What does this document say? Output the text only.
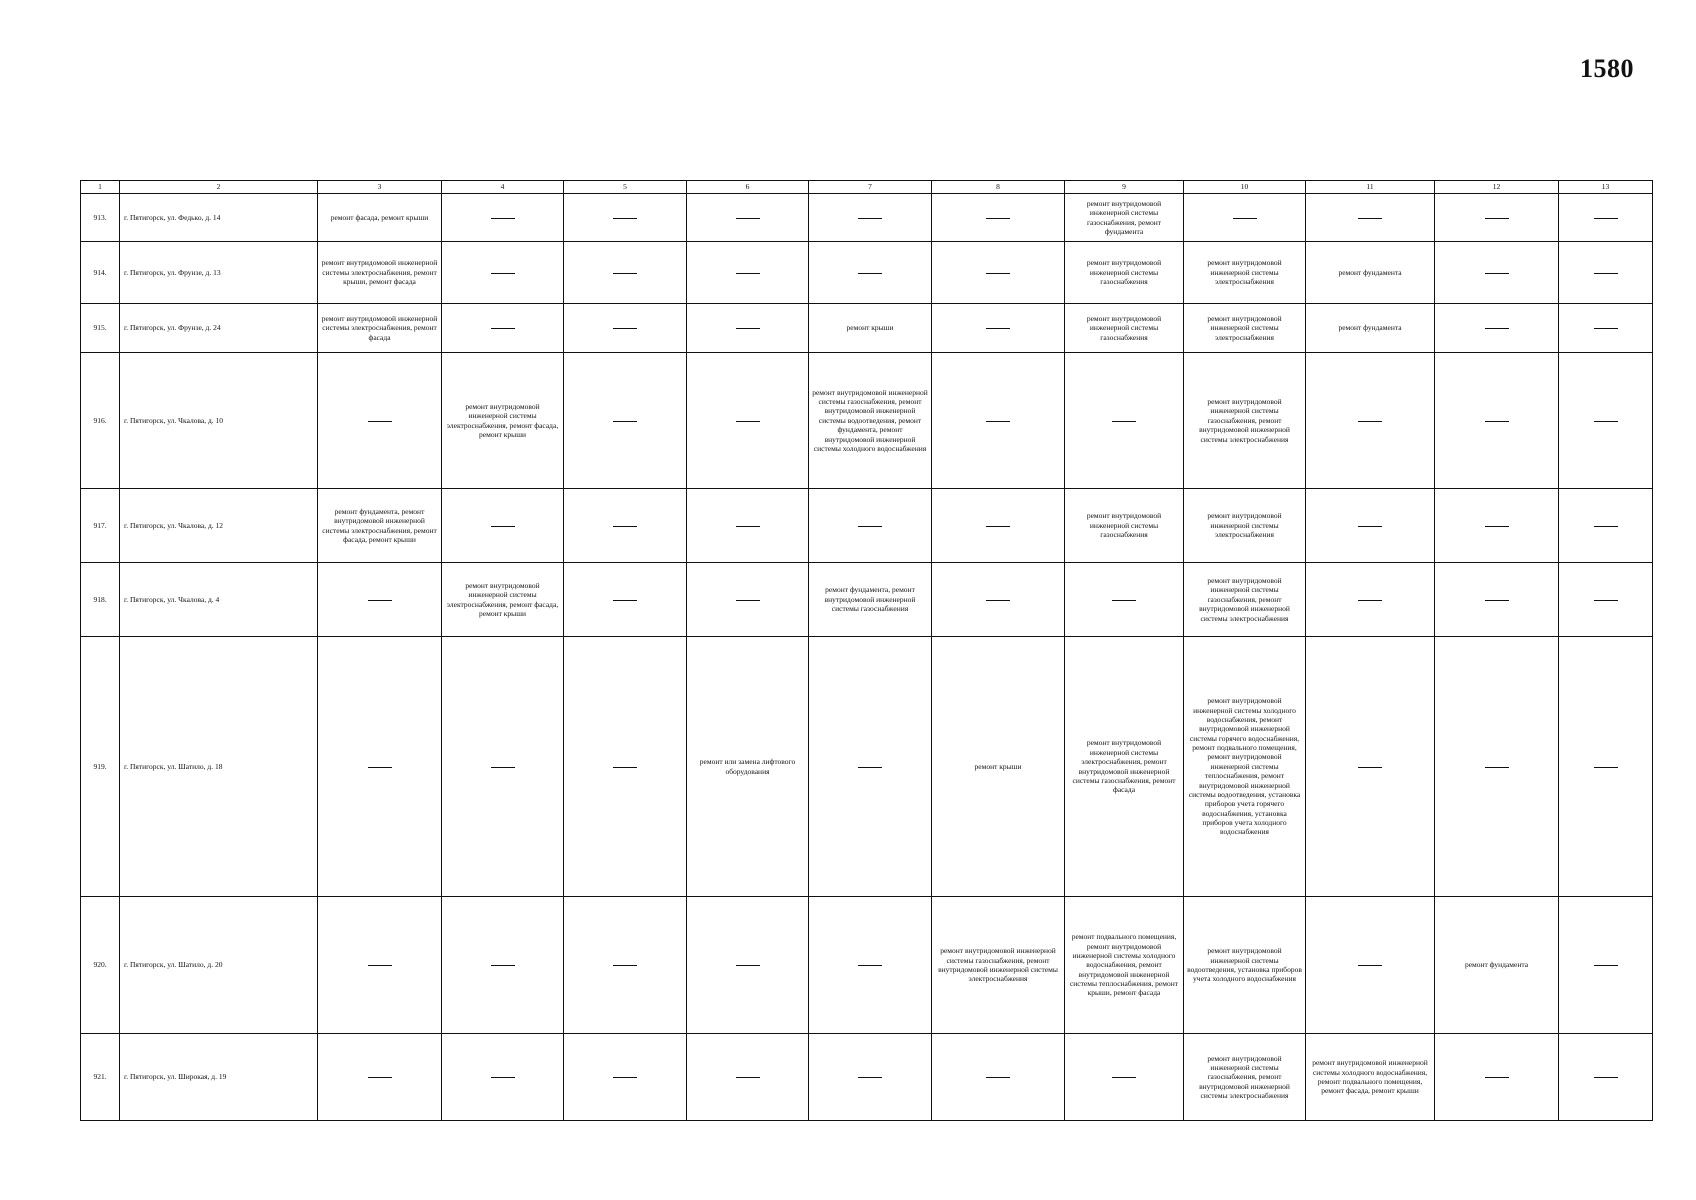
1580
1	2	3	4	5	6	7	8	9	10	11	12	13
913.	г. Пятигорск, ул. Федько, д. 14	ремонт фасада, ремонт крыши						ремонт внутридомовой инженерной системы газоснабжения, ремонт фундамента				
914.	г. Пятигорск, ул. Фрунзе, д. 13	ремонт внутридомовой инженерной системы электроснабжения, ремонт крыши, ремонт фасада						ремонт внутридомовой инженерной системы газоснабжения	ремонт внутридомовой инженерной системы электроснабжения	ремонт фундамента		
915.	г. Пятигорск, ул. Фрунзе, д. 24	ремонт внутридомовой инженерной системы электроснабжения, ремонт фасада				ремонт крыши		ремонт внутридомовой инженерной системы газоснабжения	ремонт внутридомовой инженерной системы электроснабжения	ремонт фундамента		
916.	г. Пятигорск, ул. Чкалова, д. 10		ремонт внутридомовой инженерной системы электроснабжения, ремонт фасада, ремонт крыши			ремонт внутридомовой инженерной системы газоснабжения, ремонт внутридомовой инженерной системы водоотведения, ремонт фундамента, ремонт внутридомовой инженерной системы холодного водоснабжения			ремонт внутридомовой инженерной системы газоснабжения, ремонт внутридомовой инженерной системы электроснабжения			
917.	г. Пятигорск, ул. Чкалова, д. 12	ремонт фундамента, ремонт внутридомовой инженерной системы электроснабжения, ремонт фасада, ремонт крыши						ремонт внутридомовой инженерной системы газоснабжения	ремонт внутридомовой инженерной системы электроснабжения			
918.	г. Пятигорск, ул. Чкалова, д. 4		ремонт внутридомовой инженерной системы электроснабжения, ремонт фасада, ремонт крыши			ремонт фундамента, ремонт внутридомовой инженерной системы газоснабжения			ремонт внутридомовой инженерной системы газоснабжения, ремонт внутридомовой инженерной системы электроснабжения			
919.	г. Пятигорск, ул. Шатило, д. 18				ремонт или замена лифтового оборудования		ремонт крыши	ремонт внутридомовой инженерной системы электроснабжения, ремонт внутридомовой инженерной системы газоснабжения, ремонт фасада	ремонт внутридомовой инженерной системы холодного водоснабжения, ремонт внутридомовой инженерной системы горячего водоснабжения, ремонт подвального помещения, ремонт внутридомовой инженерной системы теплоснабжения, ремонт внутридомовой инженерной системы водоотведения, установка приборов учета горячего водоснабжения, установка приборов учета холодного водоснабжения			
920.	г. Пятигорск, ул. Шатило, д. 20						ремонт внутридомовой инженерной системы газоснабжения, ремонт внутридомовой инженерной системы электроснабжения	ремонт подвального помещения, ремонт внутридомовой инженерной системы холодного водоснабжения, ремонт внутридомовой инженерной системы теплоснабжения, ремонт крыши, ремонт фасада	ремонт внутридомовой инженерной системы водоотведения, установка приборов учета холодного водоснабжения		ремонт фундамента	
921.	г. Пятигорск, ул. Широкая, д. 19								ремонт внутридомовой инженерной системы газоснабжения, ремонт внутридомовой инженерной системы электроснабжения	ремонт внутридомовой инженерной системы холодного водоснабжения, ремонт подвального помещения, ремонт фасада, ремонт крыши		
